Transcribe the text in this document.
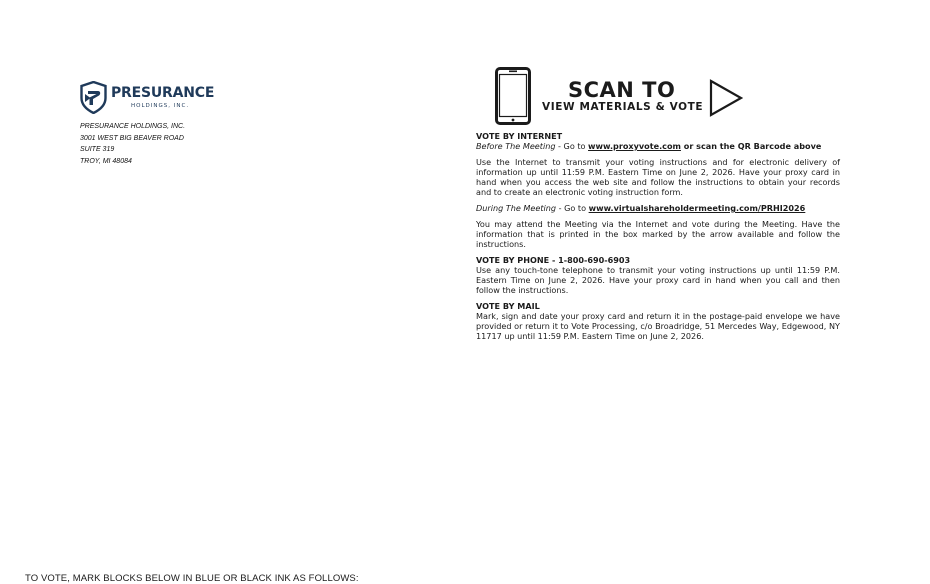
PRESURANCE
HOLDINGS, INC.
PRESURANCE HOLDINGS, INC.
3001 WEST BIG BEAVER ROAD
SUITE 319
TROY, MI 48084
SCAN TO
VIEW MATERIALS & VOTE
VOTE BY INTERNET

Before The Meeting - Go to www.proxyvote.com or scan the QR Barcode above

Use the Internet to transmit your voting instructions and for electronic delivery of information up until 11:59 P.M. Eastern Time on June 2, 2026. Have your proxy card in hand when you access the web site and follow the instructions to obtain your records and to create an electronic voting instruction form.

During The Meeting - Go to www.virtualshareholdermeeting.com/PRHI2026

You may attend the Meeting via the Internet and vote during the Meeting. Have the information that is printed in the box marked by the arrow available and follow the instructions.

VOTE BY PHONE - 1-800-690-6903

Use any touch-tone telephone to transmit your voting instructions up until 11:59 P.M. Eastern Time on June 2, 2026. Have your proxy card in hand when you call and then follow the instructions.

VOTE BY MAIL

Mark, sign and date your proxy card and return it in the postage-paid envelope we have provided or return it to Vote Processing, c/o Broadridge, 51 Mercedes Way, Edgewood, NY 11717 up until 11:59 P.M. Eastern Time on June 2, 2026.

TO VOTE, MARK BLOCKS BELOW IN BLUE OR BLACK INK AS FOLLOWS:
